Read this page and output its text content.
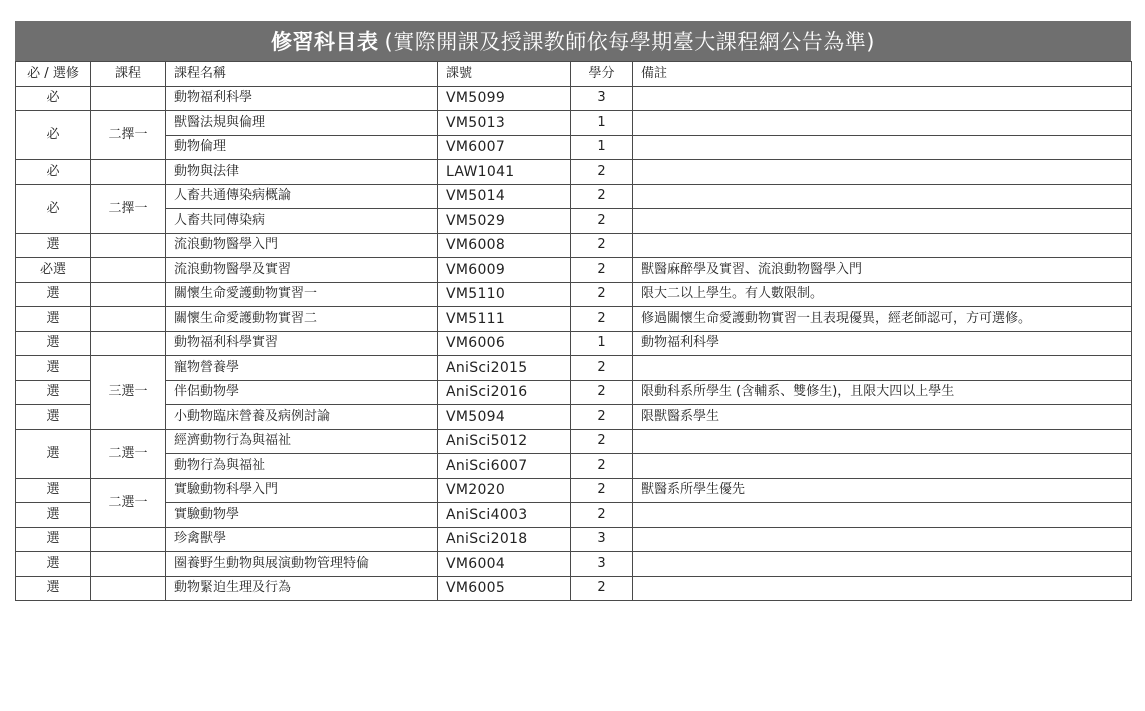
修習科目表 (實際開課及授課教師依每學期臺大課程網公告為準)
必 / 選修	課程	課程名稱	課號	學分	備註
必		動物福利科學	VM5099	3	
必	二擇一	獸醫法規與倫理	VM5013	1	
		動物倫理	VM6007	1	
必		動物與法律	LAW1041	2	
必	二擇一	人畜共通傳染病概論	VM5014	2	
		人畜共同傳染病	VM5029	2	
選		流浪動物醫學入門	VM6008	2	
必選		流浪動物醫學及實習	VM6009	2	獸醫麻醉學及實習、流浪動物醫學入門
選		關懷生命愛護動物實習一	VM5110	2	限大二以上學生。有人數限制。
選		關懷生命愛護動物實習二	VM5111	2	修過關懷生命愛護動物實習一且表現優異，經老師認可，方可選修。
選		動物福利科學實習	VM6006	1	動物福利科學
選	三選一	寵物營養學	AniSci2015	2	
選		伴侶動物學	AniSci2016	2	限動科系所學生 (含輔系、雙修生)，且限大四以上學生
選		小動物臨床營養及病例討論	VM5094	2	限獸醫系學生
選	二選一	經濟動物行為與福祉	AniSci5012	2	
		動物行為與福祉	AniSci6007	2	
選	二選一	實驗動物科學入門	VM2020	2	獸醫系所學生優先
選		實驗動物學	AniSci4003	2	
選		珍禽獸學	AniSci2018	3	
選		圈養野生動物與展演動物管理特倫	VM6004	3	
選		動物緊迫生理及行為	VM6005	2	
